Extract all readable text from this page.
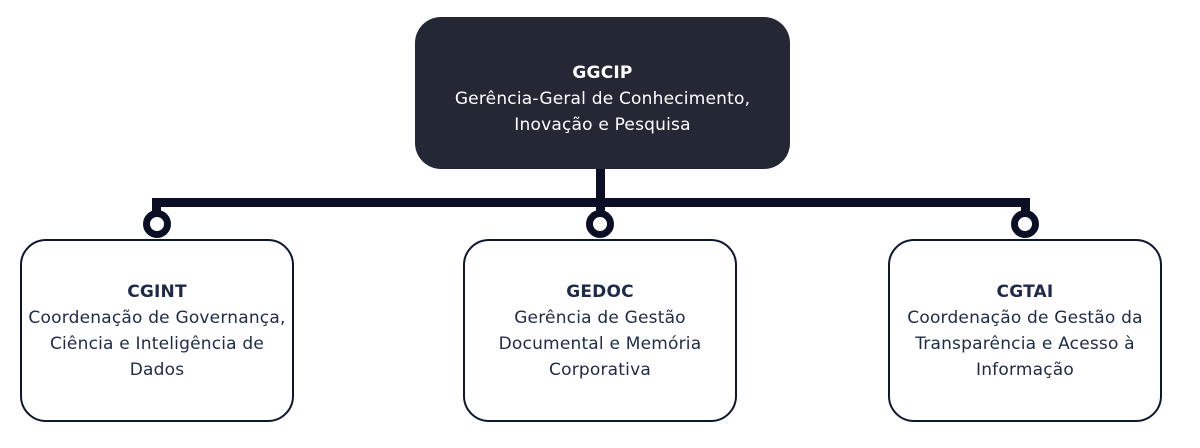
GGCIP
Gerência-Geral de Conhecimento,
Inovação e Pesquisa
CGINT
Coordenação de Governança,
Ciência e Inteligência de
Dados
GEDOC
Gerência de Gestão
Documental e Memória
Corporativa
CGTAI
Coordenação de Gestão da
Transparência e Acesso à
Informação
